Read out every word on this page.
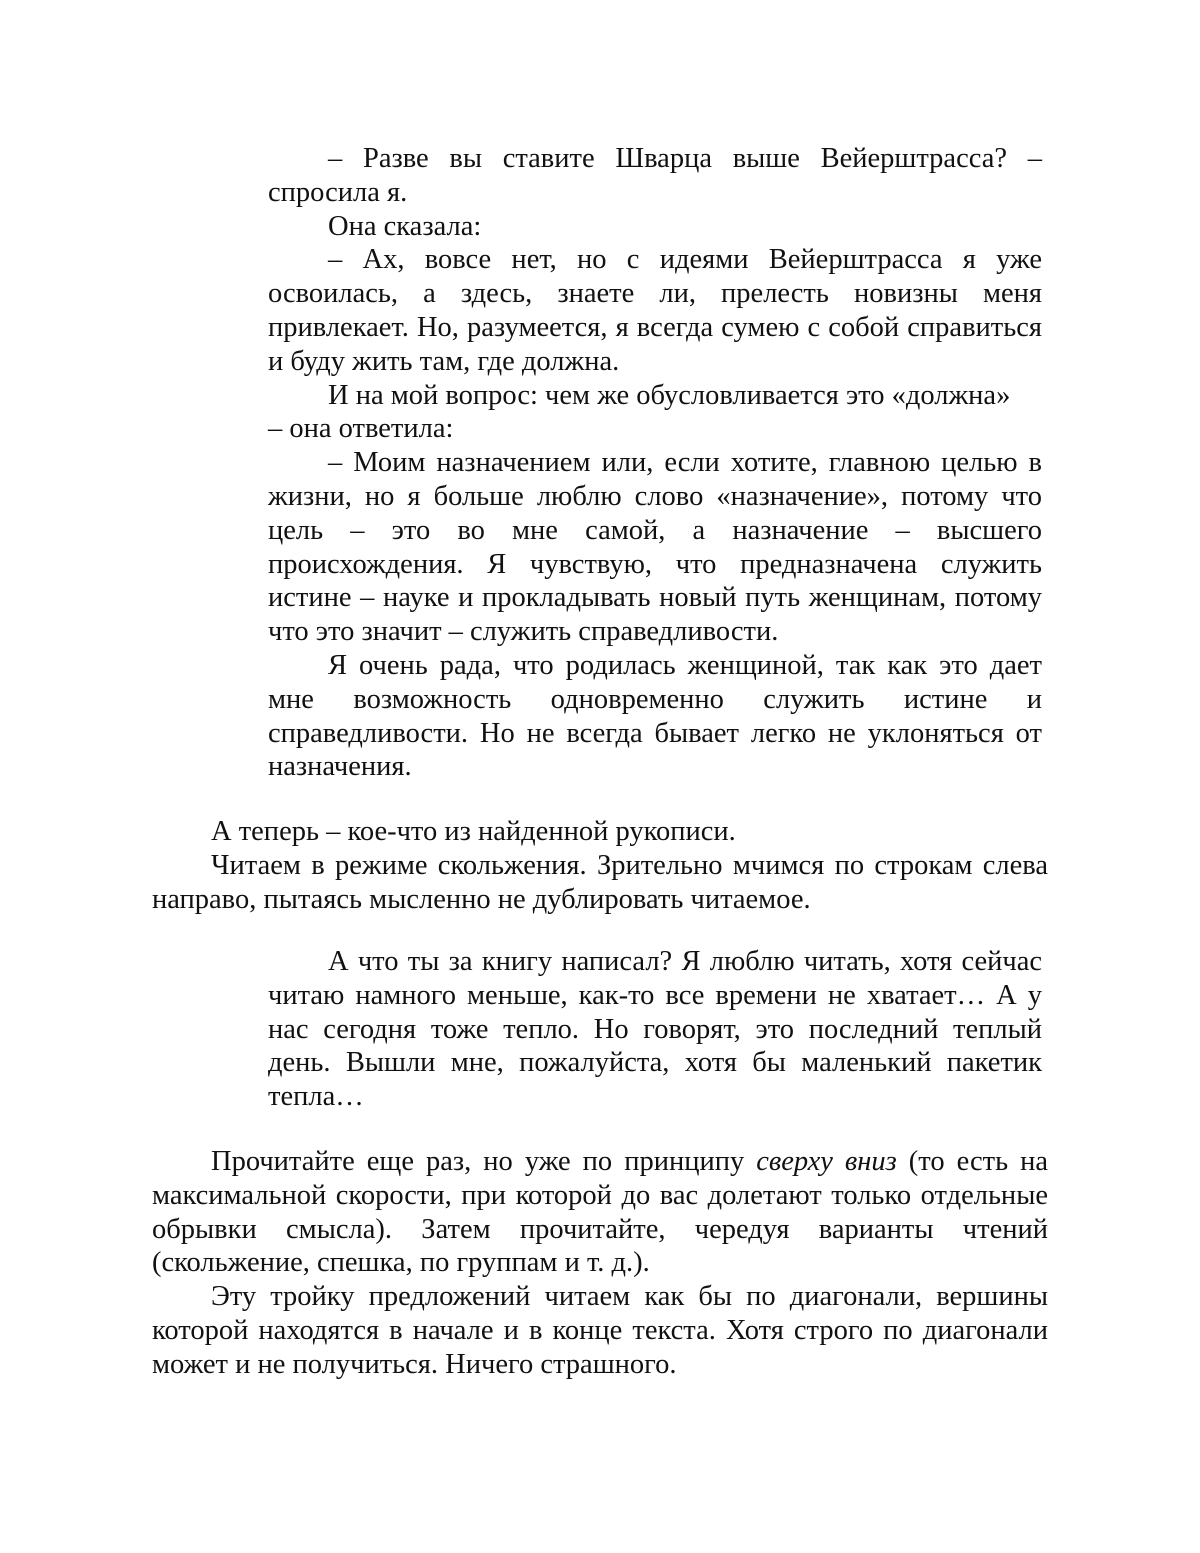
– Разве вы ставите Шварца выше Вейерштрасса? – спросила я.

Она сказала:

– Ах, вовсе нет, но с идеями Вейерштрасса я уже освоилась, а здесь, знаете ли, прелесть новизны меня привлекает. Но, разумеется, я всегда сумею с собой справиться и буду жить там, где должна.

И на мой вопрос: чем же обусловливается это «должна»

– она ответила:

– Моим назначением или, если хотите, главною целью в жизни, но я больше люблю слово «назначение», потому что цель – это во мне самой, а назначение – высшего происхождения. Я чувствую, что предназначена служить истине – науке и прокладывать новый путь женщинам, потому что это значит – служить справедливости.

Я очень рада, что родилась женщиной, так как это дает мне возможность одновременно служить истине и справедливости. Но не всегда бывает легко не уклоняться от назначения.

А теперь – кое-что из найденной рукописи.

Читаем в режиме скольжения. Зрительно мчимся по строкам слева направо, пытаясь мысленно не дублировать читаемое.

А что ты за книгу написал? Я люблю читать, хотя сейчас читаю намного меньше, как-то все времени не хватает… А у нас сегодня тоже тепло. Но говорят, это последний теплый день. Вышли мне, пожалуйста, хотя бы маленький пакетик тепла…

Прочитайте еще раз, но уже по принципу сверху вниз (то есть на максимальной скорости, при которой до вас долетают только отдельные обрывки смысла). Затем прочитайте, чередуя варианты чтений (скольжение, спешка, по группам и т. д.).

Эту тройку предложений читаем как бы по диагонали, вершины которой находятся в начале и в конце текста. Хотя строго по диагонали может и не получиться. Ничего страшного.
